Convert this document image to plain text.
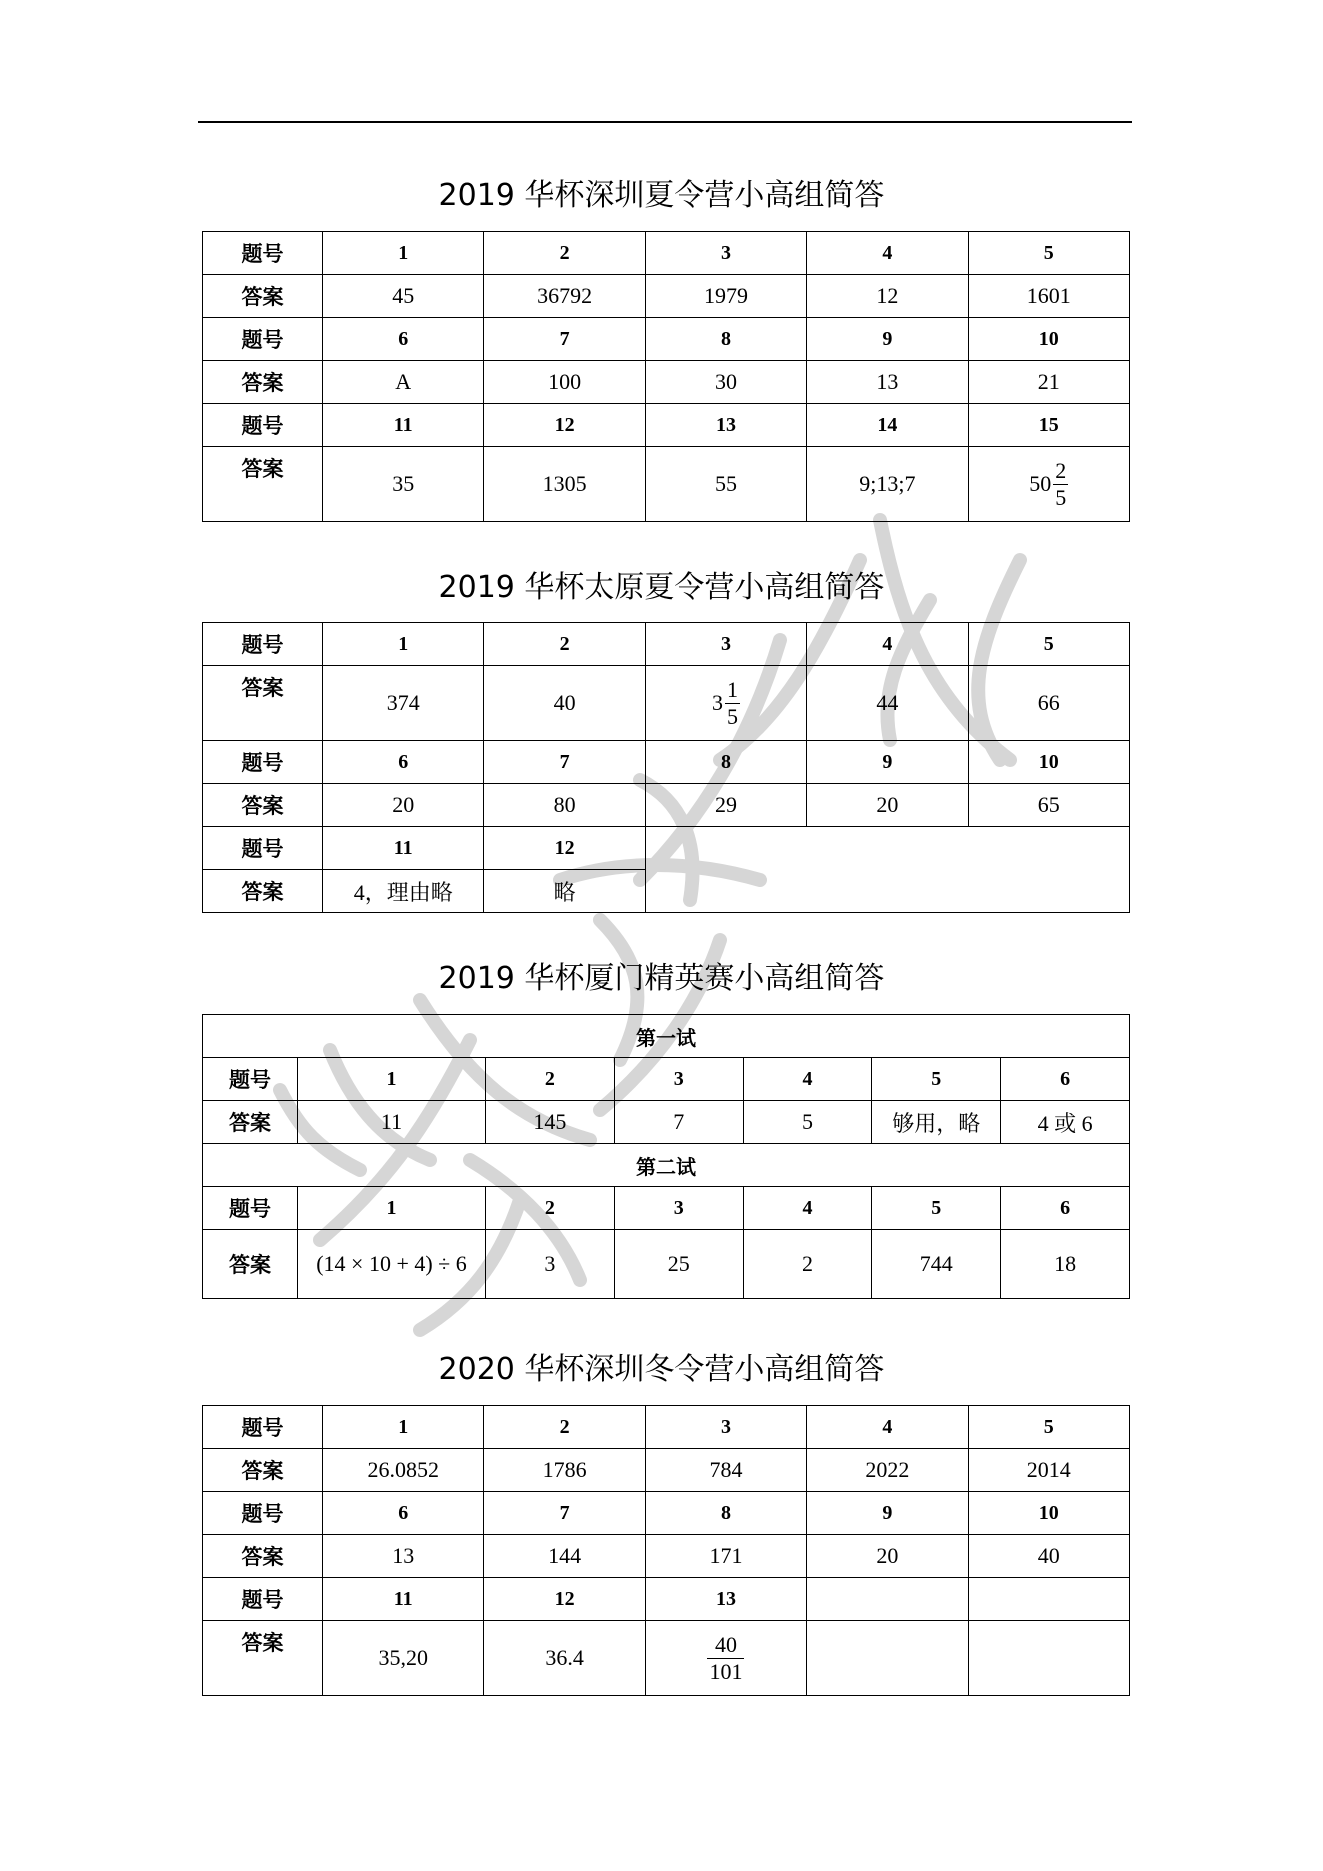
2019 华杯深圳夏令营小高组简答
题号	1	2	3	4	5
答案	45	36792	1979	12	1601
题号	6	7	8	9	10
答案	A	100	30	13	21
题号	11	12	13	14	15
答案	35	1305	55	9;13;7	$50 \frac{2}{5}$
2019 华杯太原夏令营小高组简答
题号	1	2	3	4	5
答案	374	40	$3 \frac{1}{5}$	44	66
题号	6	7	8	9	10
答案	20	80	29	20	65
题号	11	12			
答案	4，理由略	略			
2019 华杯厦门精英赛小高组简答
第一试						
题号	1	2	3	4	5	6
答案	11	145	7	5	够用，略	4 或 6
第二试						
题号	1	2	3	4	5	6
答案	(14 × 10 + 4) ÷ 6	3	25	2	744	18
2020 华杯深圳冬令营小高组简答
题号	1	2	3	4	5
答案	26.0852	1786	784	2022	2014
题号	6	7	8	9	10
答案	13	144	171	20	40
题号	11	12	13		
答案	35,20	36.4	$\frac{40}{101}$
